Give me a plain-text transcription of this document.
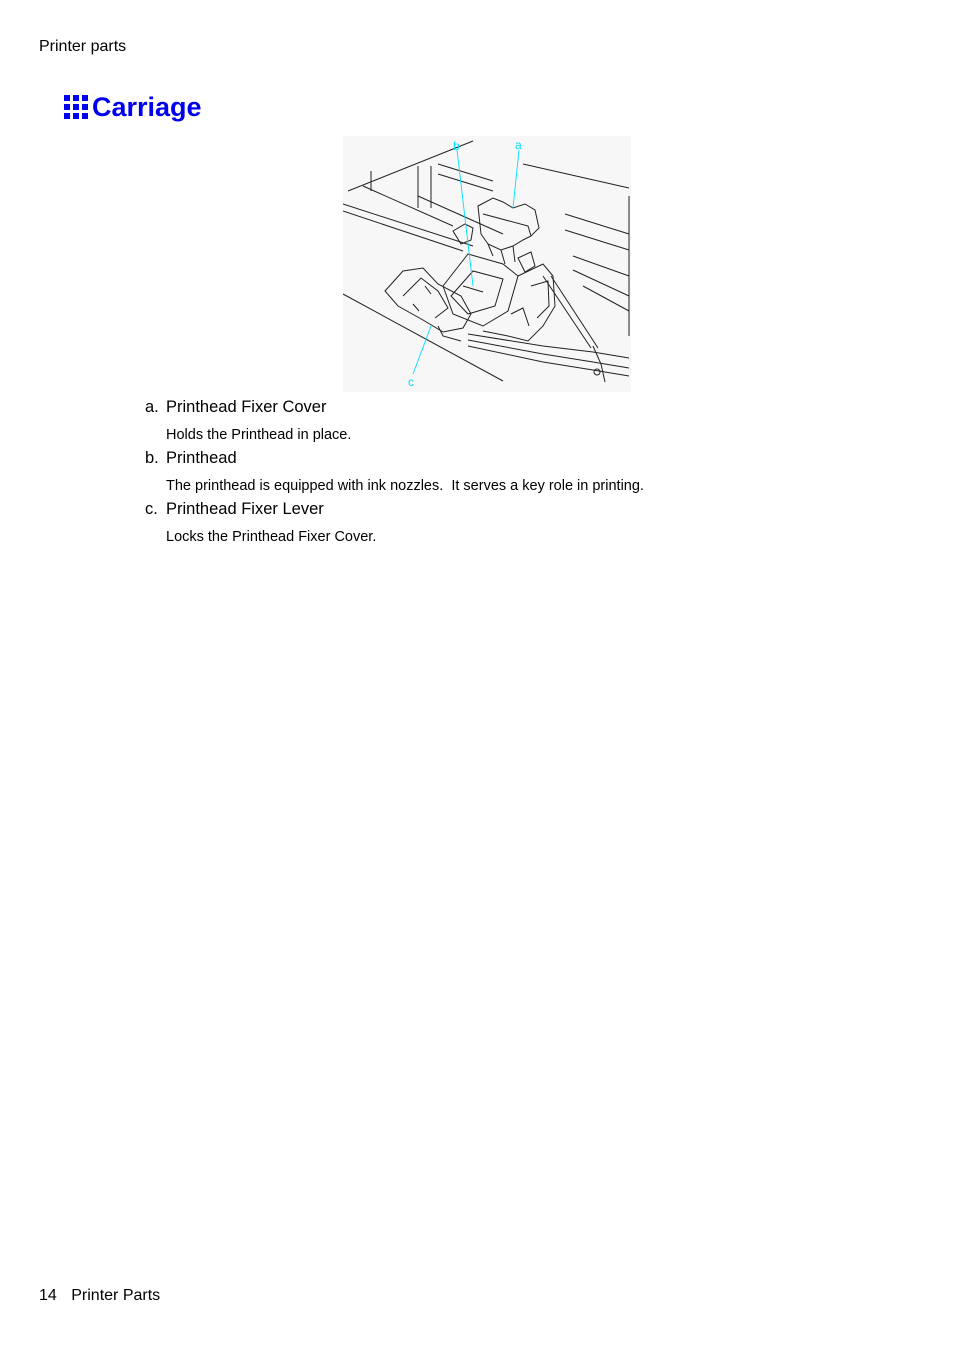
Printer parts
Carriage
a
b
c
a. Printhead Fixer Cover
Holds the Printhead in place.
b. Printhead
The printhead is equipped with ink nozzles.  It serves a key role in printing.
c. Printhead Fixer Lever
Locks the Printhead Fixer Cover.
14 Printer Parts
